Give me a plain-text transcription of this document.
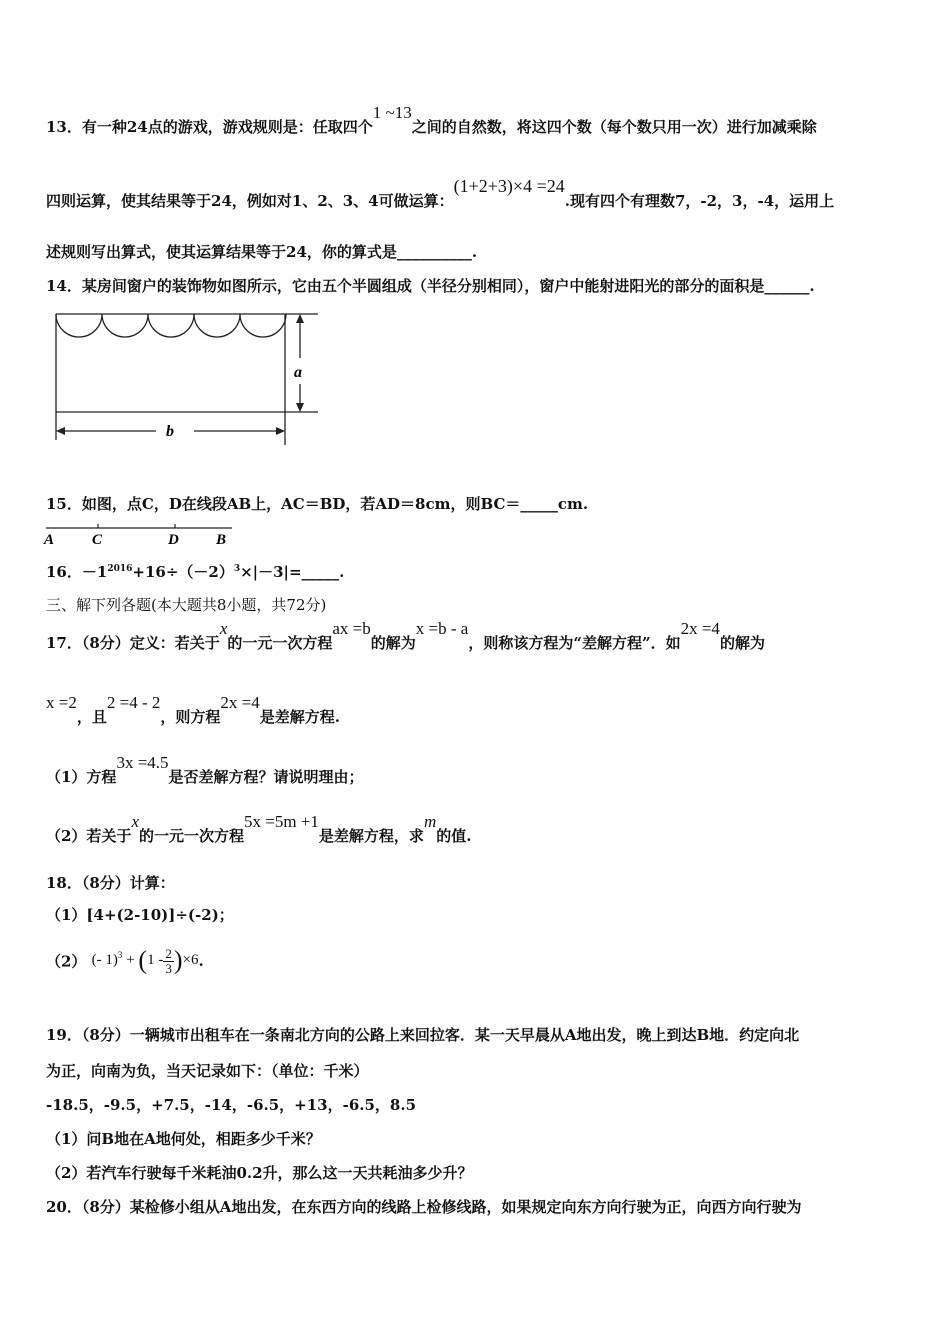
13．有一种24点的游戏，游戏规则是：任取四个1 ~13之间的自然数，将这四个数（每个数只用一次）进行加减乘除
四则运算，使其结果等于24，例如对1、2、3、4可做运算：(1+2+3)×4 =24.现有四个有理数7，-2，3，-4，运用上
述规则写出算式，使其运算结果等于24，你的算式是__________.
14．某房间窗户的装饰物如图所示，它由五个半圆组成（半径分别相同），窗户中能射进阳光的部分的面积是______.
a
b
15．如图，点C，D在线段AB上，AC＝BD，若AD＝8cm，则BC＝_____cm.
A	C	D B
16．$-1^{2016}+16\div(-2)^3\times|-3|=\_\_\_\_\_$.
三、解下列各题(本大题共8小题，共72分)
17．（8分）定义：若关于x的一元一次方程ax =b的解为x =b - a，则称该方程为“差解方程”．如2x =4的解为
x =2，且2 =4 - 2，则方程2x =4是差解方程.
（1）方程3x =4.5是否差解方程？请说明理由；
（2）若关于x的一元一次方程5x =5m +1是差解方程，求m的值.
18．（8分）计算：
（1）[4+(2-10)]÷(-2)；
（2） (- $1)^3 + (1 - \frac{2}{3} )\times 6$.
19．（8分）一辆城市出租车在一条南北方向的公路上来回拉客．某一天早晨从A地出发，晚上到达B地．约定向北
为正，向南为负，当天记录如下：（单位：千米）
-18.5，-9.5，+7.5，-14，-6.5，+13，-6.5，8.5
（1）问B地在A地何处，相距多少千米？
（2）若汽车行驶每千米耗油0.2升，那么这一天共耗油多少升？
20．（8分）某检修小组从A地出发，在东西方向的线路上检修线路，如果规定向东方向行驶为正，向西方向行驶为
